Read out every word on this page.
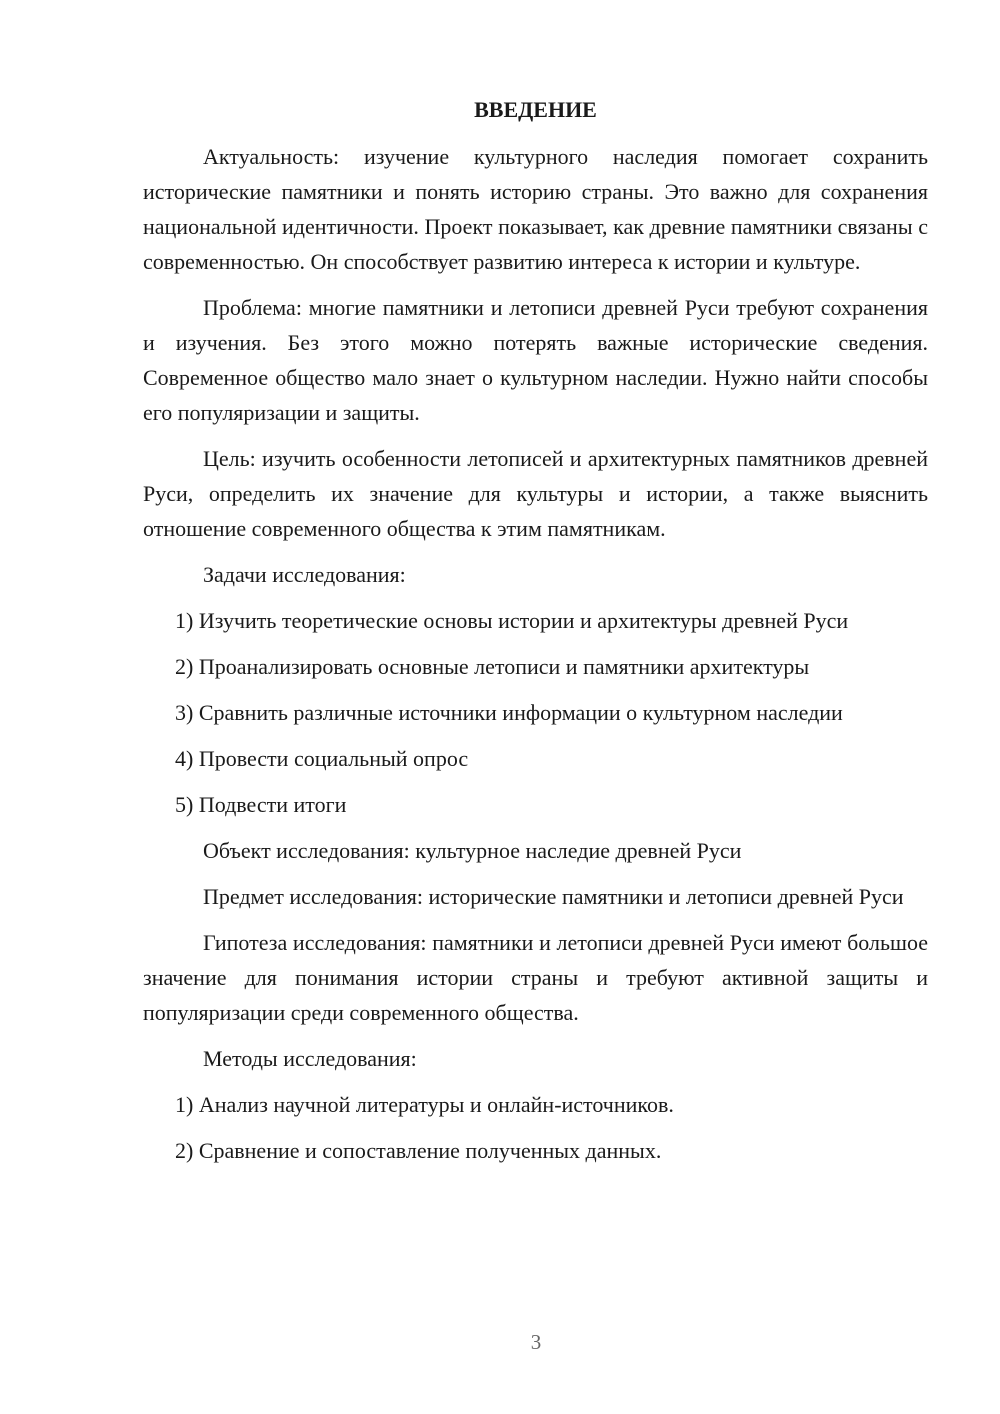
ВВЕДЕНИЕ

Актуальность: изучение культурного наследия помогает сохранить исторические памятники и понять историю страны. Это важно для сохранения национальной идентичности. Проект показывает, как древние памятники связаны с современностью. Он способствует развитию интереса к истории и культуре.

Проблема: многие памятники и летописи древней Руси требуют сохранения и изучения. Без этого можно потерять важные исторические сведения. Современное общество мало знает о культурном наследии. Нужно найти способы его популяризации и защиты.

Цель: изучить особенности летописей и архитектурных памятников древней Руси, определить их значение для культуры и истории, а также выяснить отношение современного общества к этим памятникам.

Задачи исследования:

1) Изучить теоретические основы истории и архитектуры древней Руси

2) Проанализировать основные летописи и памятники архитектуры

3) Сравнить различные источники информации о культурном наследии

4) Провести социальный опрос

5) Подвести итоги

Объект исследования: культурное наследие древней Руси

Предмет исследования: исторические памятники и летописи древней Руси

Гипотеза исследования: памятники и летописи древней Руси имеют большое значение для понимания истории страны и требуют активной защиты и популяризации среди современного общества.

Методы исследования:

1) Анализ научной литературы и онлайн-источников.

2) Сравнение и сопоставление полученных данных.

3
